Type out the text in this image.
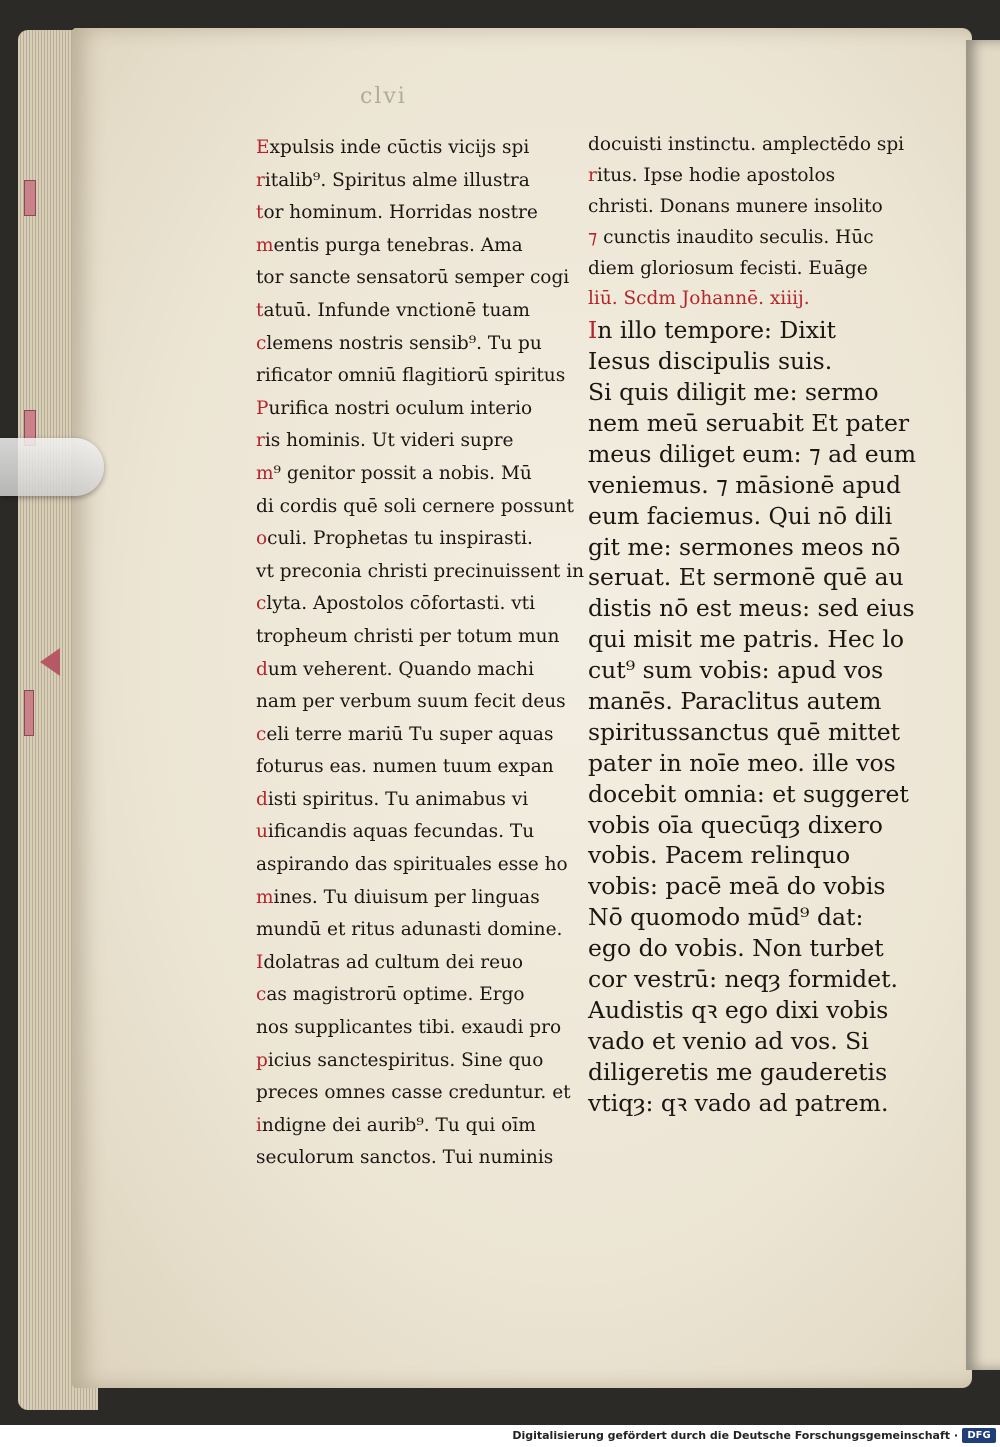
clvi
Expulsis inde cūctis vicijs spi
ritalib⁹. Spiritus alme illustra
tor hominum. Horridas nostre
mentis purga tenebras. Ama
tor sancte sensatorū semper cogi
tatuū. Infunde vnctionē tuam
clemens nostris sensib⁹. Tu pu
rificator omniū flagitiorū spiritus
Purifica nostri oculum interio
ris hominis. Ut videri supre
m⁹ genitor possit a nobis. Mū
di cordis quē soli cernere possunt
oculi. Prophetas tu inspirasti.
vt preconia christi precinuissent in
clyta. Apostolos cōfortasti. vti
tropheum christi per totum mun
dum veherent. Quando machi
nam per verbum suum fecit deus
celi terre mariū Tu super aquas
foturus eas. numen tuum expan
disti spiritus. Tu animabus vi
uificandis aquas fecundas. Tu
aspirando das spirituales esse ho
mines. Tu diuisum per linguas
mundū et ritus adunasti domine.
Idolatras ad cultum dei reuo
cas magistrorū optime. Ergo
nos supplicantes tibi. exaudi pro
picius sanctespiritus. Sine quo
preces omnes casse creduntur. et
indigne dei aurib⁹. Tu qui oīm
seculorum sanctos. Tui numinis
docuisti instinctu. amplectēdo spi
ritus. Ipse hodie apostolos
christi. Donans munere insolito
⁊ cunctis inaudito seculis. Hūc
diem gloriosum fecisti. Euāge
liū. Scdm Johannē. xiiij.
In illo tempore: Dixit
Iesus discipulis suis.
Si quis diligit me: sermo
nem meū seruabit Et pater
meus diliget eum: ⁊ ad eum
veniemus. ⁊ māsionē apud
eum faciemus. Qui nō dili
git me: sermones meos nō
seruat. Et sermonē quē au
distis nō est meus: sed eius
qui misit me patris. Hec lo
cut⁹ sum vobis: apud vos
manēs. Paraclitus autem
spiritussanctus quē mittet
pater in noīe meo. ille vos
docebit omnia: et suggeret
vobis oīa quecūqȝ dixero
vobis. Pacem relinquo
vobis: pacē meā do vobis
Nō quomodo mūd⁹ dat:
ego do vobis. Non turbet
cor vestrū: neqȝ formidet.
Audistis qꝛ ego dixi vobis
vado et venio ad vos. Si
diligeretis me gauderetis
vtiqȝ: qꝛ vado ad patrem.
Digitalisierung gefördert durch die Deutsche Forschungsgemeinschaft · DFG
